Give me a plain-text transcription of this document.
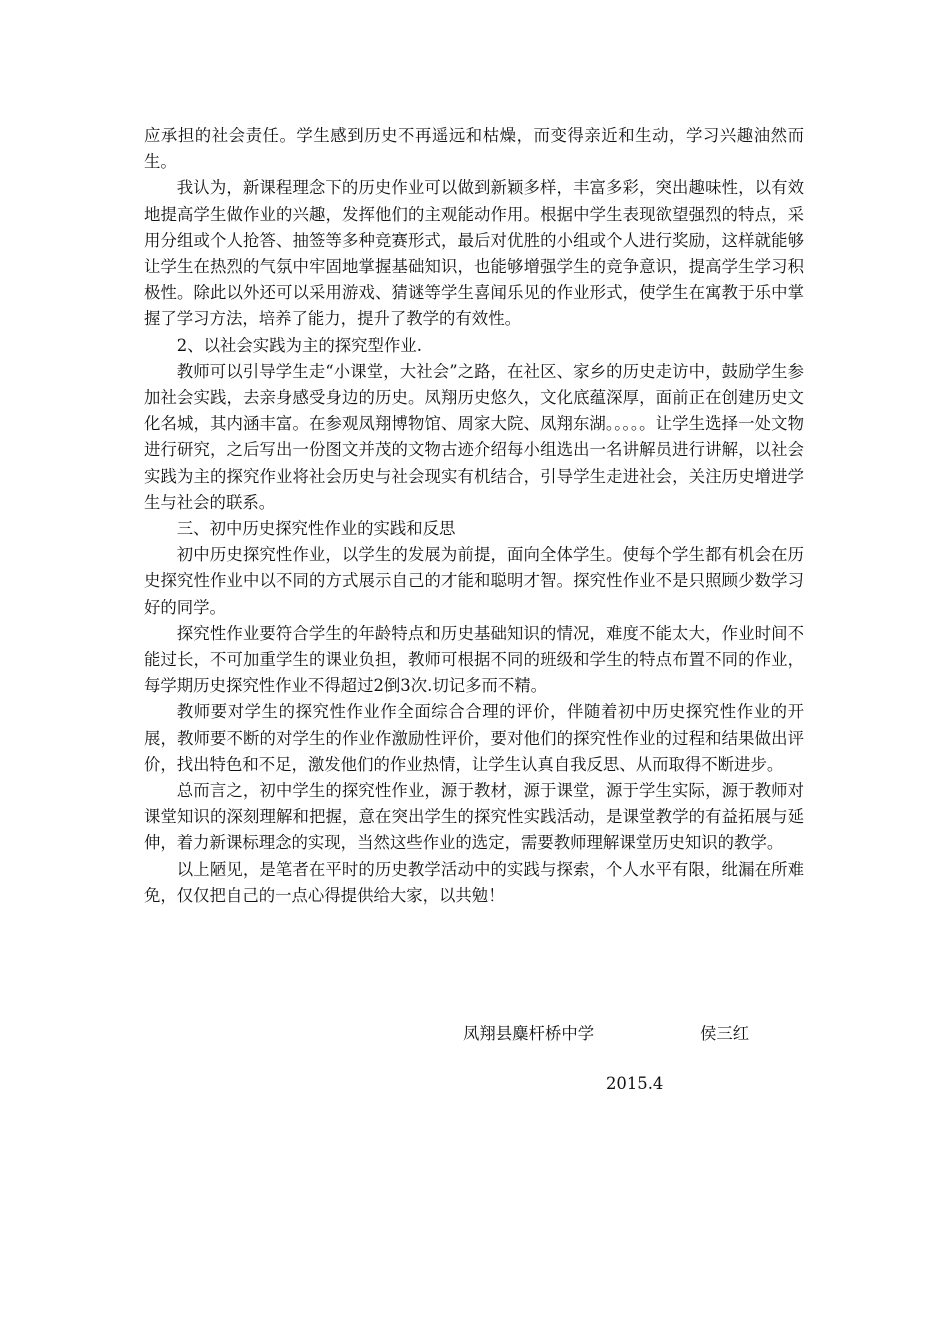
应承担的社会责任。学生感到历史不再遥远和枯燥，而变得亲近和生动，学习兴趣油然而生。

我认为，新课程理念下的历史作业可以做到新颖多样，丰富多彩，突出趣味性，以有效地提高学生做作业的兴趣，发挥他们的主观能动作用。根据中学生表现欲望强烈的特点，采用分组或个人抢答、抽签等多种竞赛形式，最后对优胜的小组或个人进行奖励，这样就能够让学生在热烈的气氛中牢固地掌握基础知识，也能够增强学生的竞争意识，提高学生学习积极性。除此以外还可以采用游戏、猜谜等学生喜闻乐见的作业形式，使学生在寓教于乐中掌握了学习方法，培养了能力，提升了教学的有效性。

2、以社会实践为主的探究型作业.

教师可以引导学生走“小课堂，大社会”之路，在社区、家乡的历史走访中，鼓励学生参加社会实践，去亲身感受身边的历史。凤翔历史悠久，文化底蕴深厚，面前正在创建历史文化名城，其内涵丰富。在参观凤翔博物馆、周家大院、凤翔东湖。。。。。让学生选择一处文物进行研究，之后写出一份图文并茂的文物古迹介绍每小组选出一名讲解员进行讲解，以社会实践为主的探究作业将社会历史与社会现实有机结合，引导学生走进社会，关注历史增进学生与社会的联系。

三、初中历史探究性作业的实践和反思

初中历史探究性作业，以学生的发展为前提，面向全体学生。使每个学生都有机会在历史探究性作业中以不同的方式展示自己的才能和聪明才智。探究性作业不是只照顾少数学习好的同学。

探究性作业要符合学生的年龄特点和历史基础知识的情况，难度不能太大，作业时间不能过长，不可加重学生的课业负担，教师可根据不同的班级和学生的特点布置不同的作业，每学期历史探究性作业不得超过2倒3次.切记多而不精。

教师要对学生的探究性作业作全面综合合理的评价，伴随着初中历史探究性作业的开展，教师要不断的对学生的作业作激励性评价，要对他们的探究性作业的过程和结果做出评价，找出特色和不足，激发他们的作业热情，让学生认真自我反思、从而取得不断进步。

总而言之，初中学生的探究性作业，源于教材，源于课堂，源于学生实际，源于教师对课堂知识的深刻理解和把握，意在突出学生的探究性实践活动，是课堂教学的有益拓展与延伸，着力新课标理念的实现，当然这些作业的选定，需要教师理解课堂历史知识的教学。

以上陋见，是笔者在平时的历史教学活动中的实践与探索，个人水平有限，纰漏在所难免，仅仅把自己的一点心得提供给大家，以共勉！

凤翔县麋杆桥中学	侯三红
2015.4
